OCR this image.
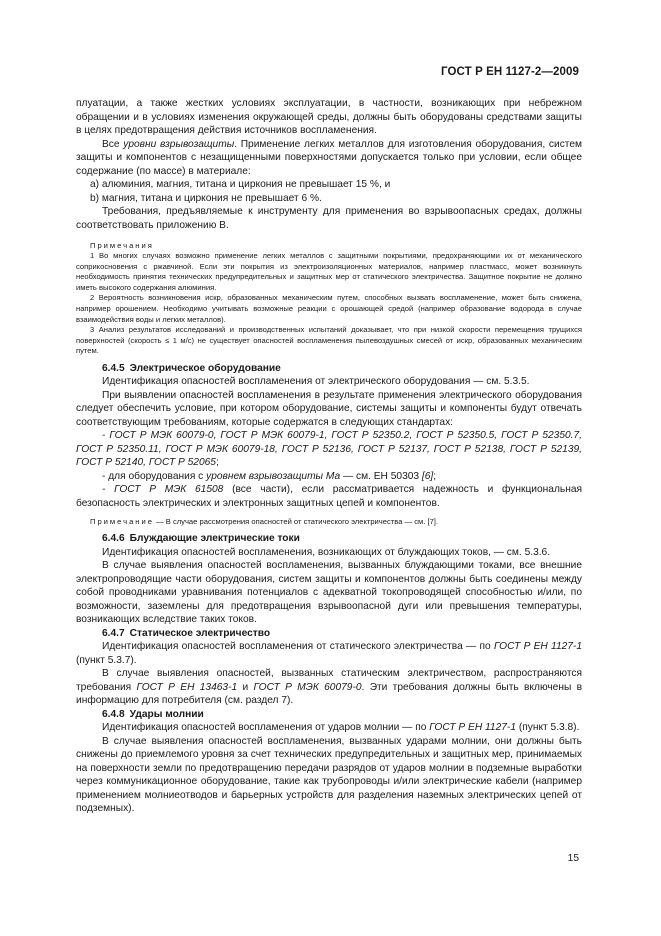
ГОСТ Р ЕН 1127-2—2009

плуатации, а также жестких условиях эксплуатации, в частности, возникающих при небрежном обращении и в условиях изменения окружающей среды, должны быть оборудованы средствами защиты в целях предотвращения действия источников воспламенения.

Все уровни взрывозащиты. Применение легких металлов для изготовления оборудования, систем защиты и компонентов с незащищенными поверхностями допускается только при условии, если общее содержание (по массе) в материале:

a) алюминия, магния, титана и циркония не превышает 15 %, и

b) магния, титана и циркония не превышает 6 %.

Требования, предъявляемые к инструменту для применения во взрывоопасных средах, должны соответствовать приложению В.

Примечания

1 Во многих случаях возможно применение легких металлов с защитными покрытиями, предохраняющими их от механического соприкосновения с ржавчиной. Если эти покрытия из электроизоляционных материалов, например пластмасс, может возникнуть необходимость принятия технических предупредительных и защитных мер от статического электричества. Защитное покрытие не должно иметь высокого содержания алюминия.

2 Вероятность возникновения искр, образованных механическим путем, способных вызвать воспламенение, может быть снижена, например орошением. Необходимо учитывать возможные реакции с орошающей средой (например образование водорода в случае взаимодействия воды и легких металлов).

3 Анализ результатов исследований и производственных испытаний доказывает, что при низкой скорости перемещения трущихся поверхностей (скорость ≤ 1 м/с) не существует опасностей воспламенения пылевоздушных смесей от искр, образованных механическим путем.

6.4.5 Электрическое оборудование

Идентификация опасностей воспламенения от электрического оборудования — см. 5.3.5.

При выявлении опасностей воспламенения в результате применения электрического оборудования следует обеспечить условие, при котором оборудование, системы защиты и компоненты будут отвечать соответствующим требованиям, которые содержатся в следующих стандартах:

- ГОСТ Р МЭК 60079-0, ГОСТ Р МЭК 60079-1, ГОСТ Р 52350.2, ГОСТ Р 52350.5, ГОСТ Р 52350.7, ГОСТ Р 52350.11, ГОСТ Р МЭК 60079-18, ГОСТ Р 52136, ГОСТ Р 52137, ГОСТ Р 52138, ГОСТ Р 52139, ГОСТ Р 52140, ГОСТ Р 52065;

- для оборудования с уровнем взрывозащиты Ма — см. ЕН 50303 [6];

- ГОСТ Р МЭК 61508 (все части), если рассматривается надежность и функциональная безопасность электрических и электронных защитных цепей и компонентов.

Примечание — В случае рассмотрения опасностей от статического электричества — см. [7].

6.4.6 Блуждающие электрические токи

Идентификация опасностей воспламенения, возникающих от блуждающих токов, — см. 5.3.6.

В случае выявления опасностей воспламенения, вызванных блуждающими токами, все внешние электропроводящие части оборудования, систем защиты и компонентов должны быть соединены между собой проводниками уравнивания потенциалов с адекватной токопроводящей способностью и/или, по возможности, заземлены для предотвращения взрывоопасной дуги или превышения температуры, возникающих вследствие таких токов.

6.4.7 Статическое электричество

Идентификация опасностей воспламенения от статического электричества — по ГОСТ Р ЕН 1127-1 (пункт 5.3.7).

В случае выявления опасностей, вызванных статическим электричеством, распространяются требования ГОСТ Р ЕН 13463-1 и ГОСТ Р МЭК 60079-0. Эти требования должны быть включены в информацию для потребителя (см. раздел 7).

6.4.8 Удары молнии

Идентификация опасностей воспламенения от ударов молнии — по ГОСТ Р ЕН 1127-1 (пункт 5.3.8).

В случае выявления опасностей воспламенения, вызванных ударами молнии, они должны быть снижены до приемлемого уровня за счет технических предупредительных и защитных мер, принимаемых на поверхности земли по предотвращению передачи разрядов от ударов молнии в подземные выработки через коммуникационное оборудование, такие как трубопроводы и/или электрические кабели (например применением молниеотводов и барьерных устройств для разделения наземных электрических цепей от подземных).

15
